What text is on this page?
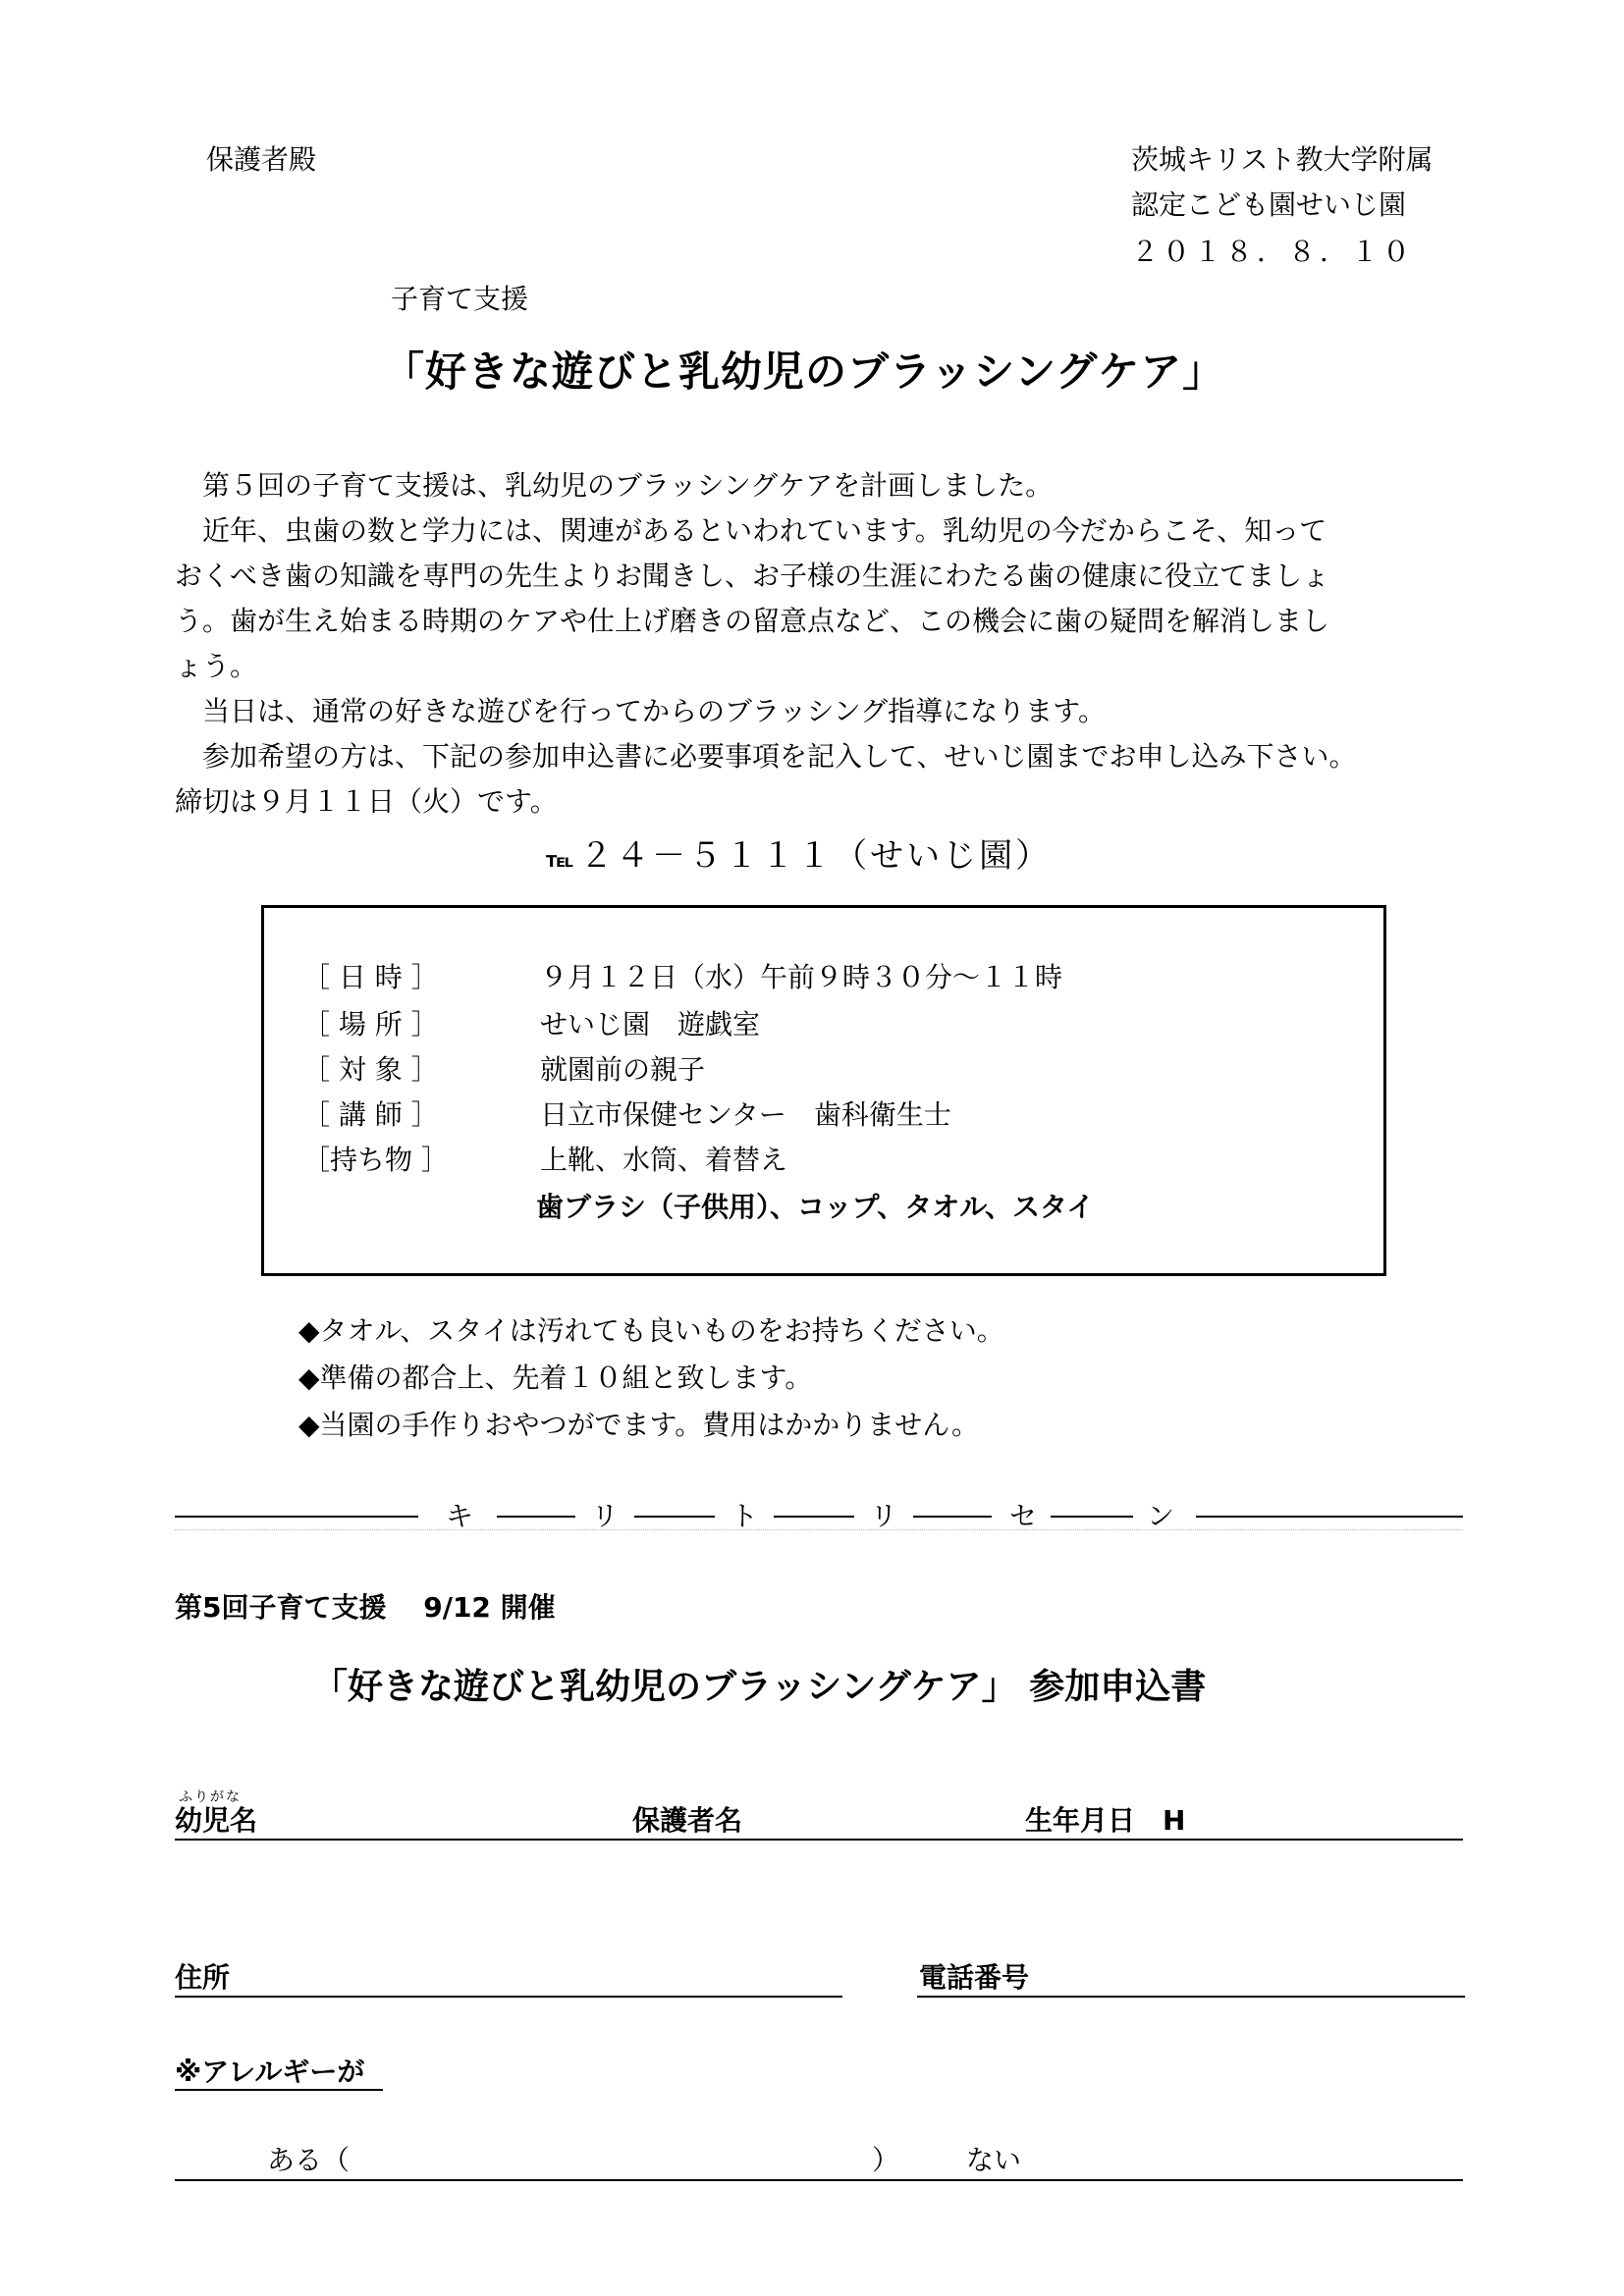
保護者殿	茨城キリスト教大学附属
認定こども園せいじ園
２０１８．８．１０
子育て支援
「好きな遊びと乳幼児のブラッシングケア」

　第５回の子育て支援は、乳幼児のブラッシングケアを計画しました。

　近年、虫歯の数と学力には、関連があるといわれています。乳幼児の今だからこそ、知って

おくべき歯の知識を専門の先生よりお聞きし、お子様の生涯にわたる歯の健康に役立てましょ

う。歯が生え始まる時期のケアや仕上げ磨きの留意点など、この機会に歯の疑問を解消しまし

ょう。

　当日は、通常の好きな遊びを行ってからのブラッシング指導になります。

　参加希望の方は、下記の参加申込書に必要事項を記入して、せいじ園までお申し込み下さい。

締切は９月１１日（火）です。

℡ ２４－５１１１（せいじ園）
［ 日 時 ］	９月１２日（水）午前９時３０分～１１時
［ 場 所 ］	せいじ園　遊戯室
［ 対 象 ］	就園前の親子
［ 講 師 ］	日立市保健センター　歯科衛生士
［持ち物 ］	上靴、水筒、着替え
歯ブラシ（子供用）、コップ、タオル、スタイ
◆タオル、スタイは汚れても良いものをお持ちください。
◆準備の都合上、先着１０組と致します。
◆当園の手作りおやつがでます。費用はかかりません。
キ	リ	ト	リ	セ	ン
第5回子育て支援　 9/12 開催
「好きな遊びと乳幼児のブラッシングケア」 参加申込書
ふりがな
幼児名	保護者名	生年月日　H
住所	電話番号
※アレルギーが
ある（	） ない
